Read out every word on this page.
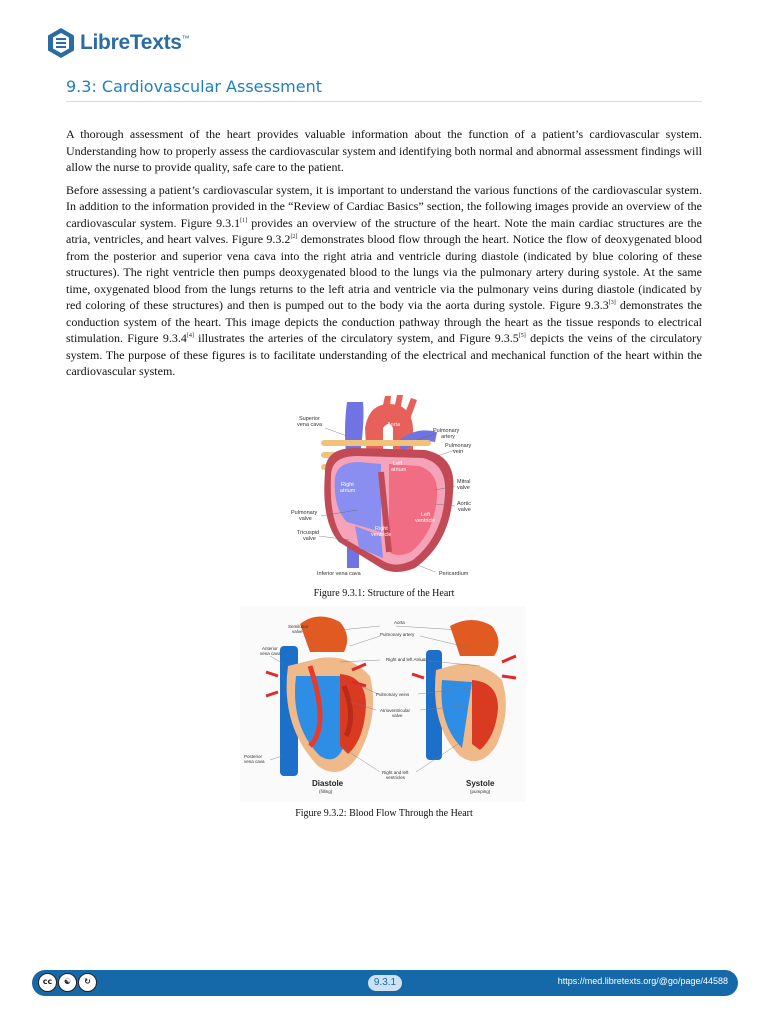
LibreTexts™
9.3: Cardiovascular Assessment

A thorough assessment of the heart provides valuable information about the function of a patient’s cardiovascular system. Understanding how to properly assess the cardiovascular system and identifying both normal and abnormal assessment findings will allow the nurse to provide quality, safe care to the patient.

Before assessing a patient’s cardiovascular system, it is important to understand the various functions of the cardiovascular system. In addition to the information provided in the “Review of Cardiac Basics” section, the following images provide an overview of the cardiovascular system. Figure 9.3.1[1] provides an overview of the structure of the heart. Note the main cardiac structures are the atria, ventricles, and heart valves. Figure 9.3.2[2] demonstrates blood flow through the heart. Notice the flow of deoxygenated blood from the posterior and superior vena cava into the right atria and ventricle during diastole (indicated by blue coloring of these structures). The right ventricle then pumps deoxygenated blood to the lungs via the pulmonary artery during systole. At the same time, oxygenated blood from the lungs returns to the left atria and ventricle via the pulmonary veins during diastole (indicated by red coloring of these structures) and then is pumped out to the body via the aorta during systole. Figure 9.3.3[3] demonstrates the conduction system of the heart. This image depicts the conduction pathway through the heart as the tissue responds to electrical stimulation. Figure 9.3.4[4] illustrates the arteries of the circulatory system, and Figure 9.3.5[5] depicts the veins of the circulatory system. The purpose of these figures is to facilitate understanding of the electrical and mechanical function of the heart within the cardiovascular system.

Aorta
Left
atrium
Right
atrium
Left
ventricle
Right
ventricle
Superior
vena cava
Pulmonary
artery
Pulmonary
vein
Mitral
valve
Aortic
valve
Pulmonary
valve
Tricuspid
valve
Inferior vena cava	Pericardium
Figure 9.3.1: Structure of the Heart
Semilunar
valve
Anterior
vena cava
Aorta
Pulmonary artery
Right and left Atrium
Pulmonary veins
Atrioventricular
valve
Posterior
vena cava
Right and left
ventricles
Diastole
(filling)
Systole
(pumping)
Figure 9.3.2: Blood Flow Through the Heart
cc	☯	↻	9.3.1	https://med.libretexts.org/@go/page/44588
